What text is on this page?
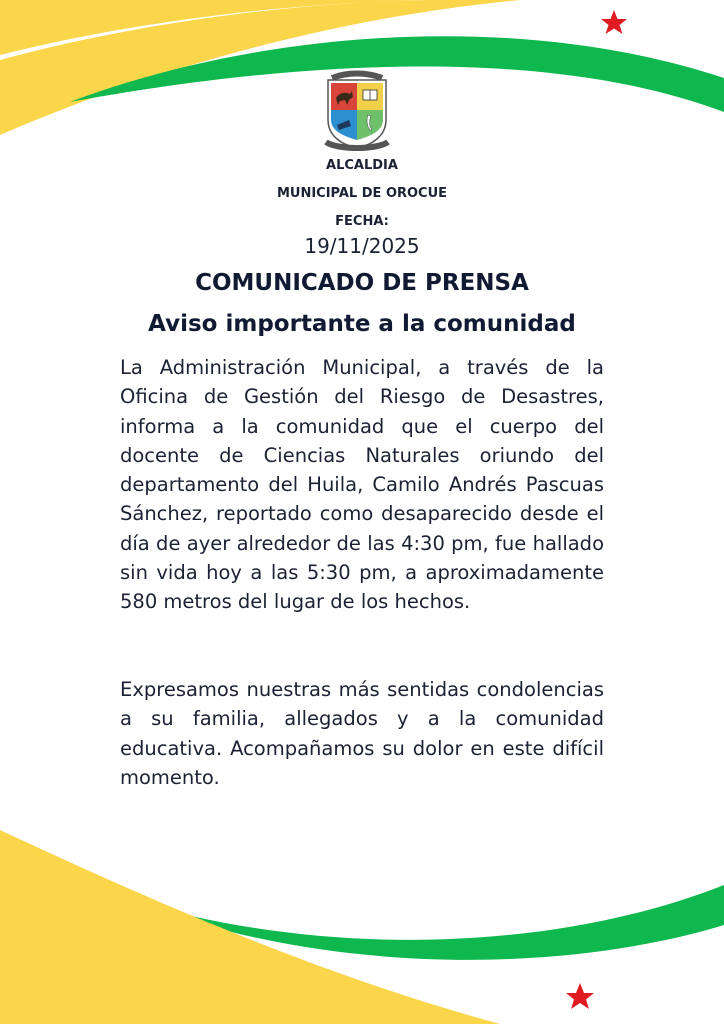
ALCALDIA
MUNICIPAL DE OROCUE
FECHA:
19/11/2025
COMUNICADO DE PRENSA
Aviso importante a la comunidad
La Administración Municipal, a través de la Oficina de Gestión del Riesgo de Desastres, informa a la comunidad que el cuerpo del docente de Ciencias Naturales oriundo del departamento del Huila, Camilo Andrés Pascuas Sánchez, reportado como desaparecido desde el día de ayer alrededor de las 4:30 pm, fue hallado sin vida hoy a las 5:30 pm, a aproximadamente 580 metros del lugar de los hechos.
Expresamos nuestras más sentidas condolencias a su familia, allegados y a la comunidad educativa. Acompañamos su dolor en este difícil momento.
